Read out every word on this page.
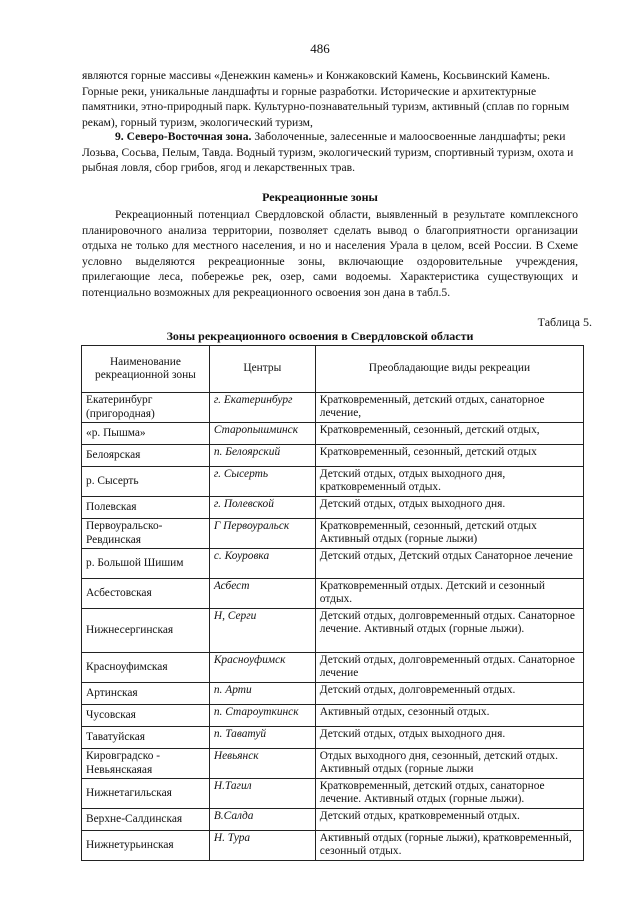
486
являются горные массивы «Денежкин камень» и Конжаковский Камень, Косьвинский Камень. Горные реки, уникальные ландшафты и горные разработки. Исторические и архитектурные памятники, этно-природный парк. Культурно-познавательный туризм, активный (сплав по горным рекам), горный туризм, экологический туризм,
9. Северо-Восточная зона. Заболоченные, залесенные и малоосвоенные ландшафты; реки Лозьва, Сосьва, Пелым, Тавда. Водный туризм, экологический туризм, спортивный туризм, охота и рыбная ловля, сбор грибов, ягод и лекарственных трав.
Рекреационные зоны
Рекреационный потенциал Свердловской области, выявленный в результате комплексного планировочного анализа территории, позволяет сделать вывод о благоприятности организации отдыха не только для местного населения, и но и населения Урала в целом, всей России. В Схеме условно выделяются рекреационные зоны, включающие оздоровительные учреждения, прилегающие леса, побережье рек, озер, сами водоемы. Характеристика существующих и потенциально возможных для рекреационного освоения зон дана в табл.5.
Таблица 5.
Зоны рекреационного освоения в Свердловской области
Наименование рекреационной зоны	Центры	Преобладающие виды рекреации
Екатеринбург (пригородная)	г. Екатеринбург	Кратковременный, детский отдых, санаторное лечение,
«р. Пышма»	Старопышминск	Кратковременный, сезонный, детский отдых,
Белоярская	п. Белоярский	Кратковременный, сезонный, детский отдых
р. Сысерть	г. Сысерть	Детский отдых, отдых выходного дня, кратковременный отдых.
Полевская	г. Полевской	Детский отдых, отдых выходного дня.
Первоуральско-Ревдинская	Г Первоуральск	Кратковременный, сезонный, детский отдых Активный отдых (горные лыжи)
р. Большой Шишим	с. Коуровка	Детский отдых, Детский отдых Санаторное лечение
Асбестовская	Асбест	Кратковременный отдых. Детский и сезонный отдых.
Нижнесергинская	Н, Серги	Детский отдых, долговременный отдых. Санаторное лечение. Активный отдых (горные лыжи).
Красноуфимская	Красноуфимск	Детский отдых, долговременный отдых. Санаторное лечение
Артинская	п. Арти	Детский отдых, долговременный отдых.
Чусовская	п. Староуткинск	Активный отдых, сезонный отдых.
Таватуйская	п. Таватуй	Детский отдых, отдых выходного дня.
Кировградско - Невьянскаяая	Невьянск	Отдых выходного дня, сезонный, детский отдых. Активный отдых (горные лыжи
Нижнетагильская	Н.Тагил	Кратковременный, детский отдых, санаторное лечение. Активный отдых (горные лыжи).
Верхне-Салдинская	В.Салда	Детский отдых, кратковременный отдых.
Нижнетурьинская	Н. Тура	Активный отдых (горные лыжи), кратковременный, сезонный отдых.
